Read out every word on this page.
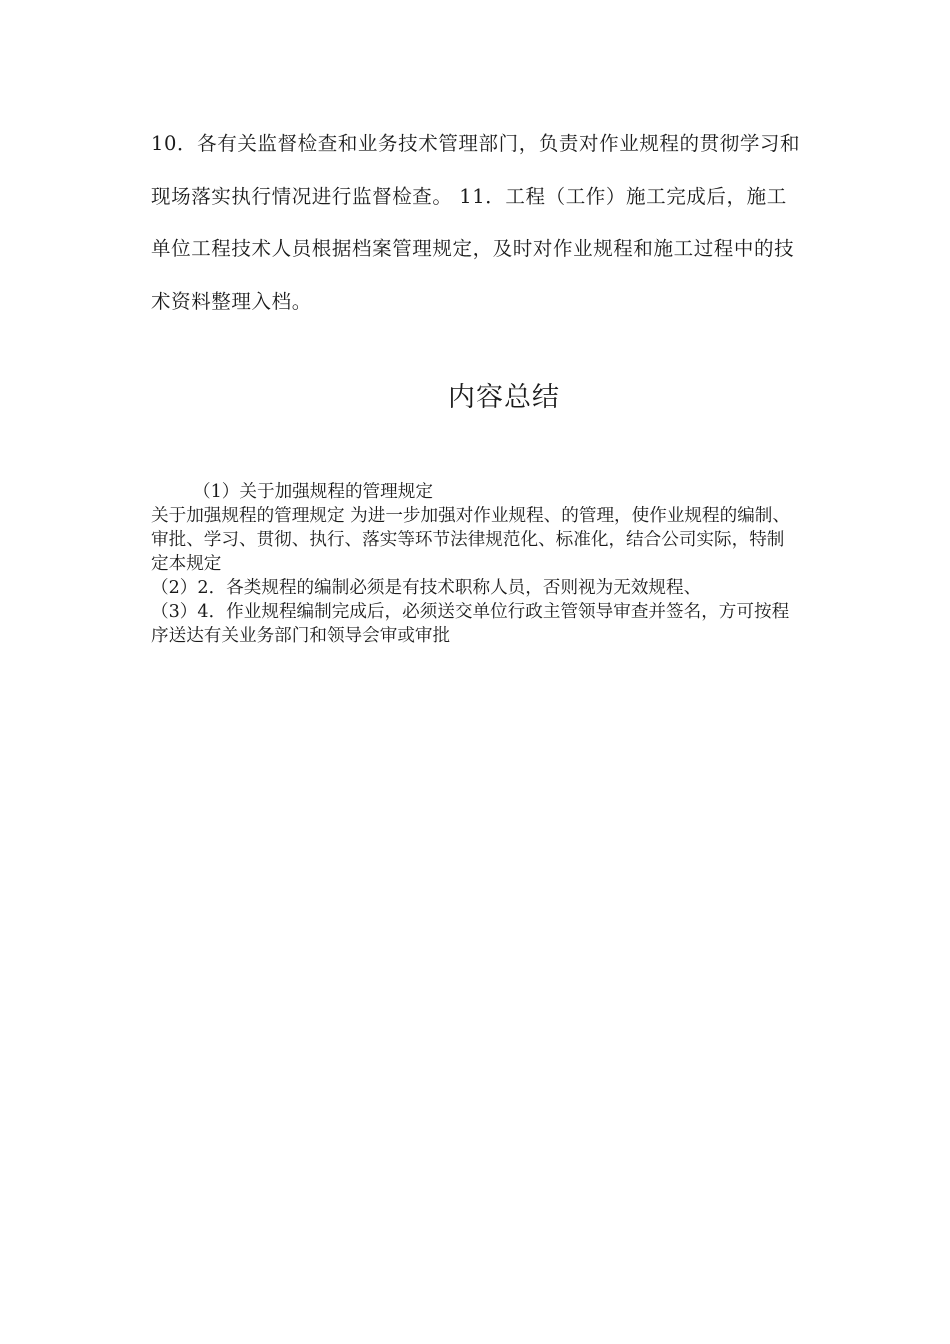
10．各有关监督检查和业务技术管理部门，负责对作业规程的贯彻学习和现场落实执行情况进行监督检查。 11．工程（工作）施工完成后，施工单位工程技术人员根据档案管理规定，及时对作业规程和施工过程中的技术资料整理入档。

内容总结

（1）关于加强规程的管理规定

关于加强规程的管理规定 为进一步加强对作业规程、的管理，使作业规程的编制、审批、学习、贯彻、执行、落实等环节法律规范化、标准化，结合公司实际，特制定本规定

（2）2．各类规程的编制必须是有技术职称人员，否则视为无效规程、

（3）4．作业规程编制完成后，必须送交单位行政主管领导审查并签名，方可按程序送达有关业务部门和领导会审或审批
